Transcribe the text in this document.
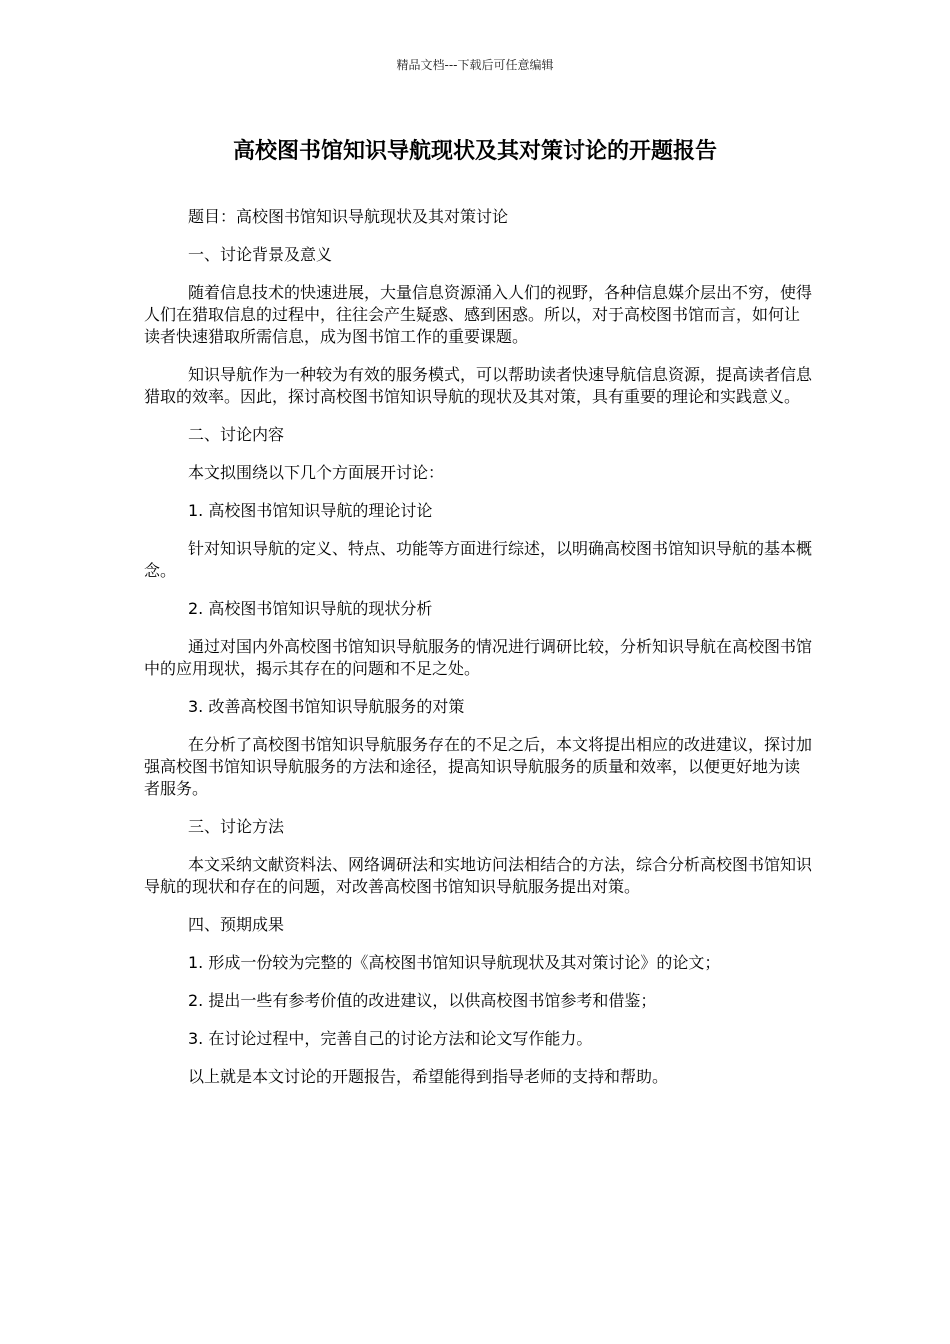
精品文档---下载后可任意编辑
高校图书馆知识导航现状及其对策讨论的开题报告

题目：高校图书馆知识导航现状及其对策讨论

一、讨论背景及意义

随着信息技术的快速进展，大量信息资源涌入人们的视野，各种信息媒介层出不穷，使得人们在猎取信息的过程中，往往会产生疑惑、感到困惑。所以，对于高校图书馆而言，如何让读者快速猎取所需信息，成为图书馆工作的重要课题。

知识导航作为一种较为有效的服务模式，可以帮助读者快速导航信息资源，提高读者信息猎取的效率。因此，探讨高校图书馆知识导航的现状及其对策，具有重要的理论和实践意义。

二、讨论内容

本文拟围绕以下几个方面展开讨论：

1. 高校图书馆知识导航的理论讨论

针对知识导航的定义、特点、功能等方面进行综述，以明确高校图书馆知识导航的基本概念。

2. 高校图书馆知识导航的现状分析

通过对国内外高校图书馆知识导航服务的情况进行调研比较，分析知识导航在高校图书馆中的应用现状，揭示其存在的问题和不足之处。

3. 改善高校图书馆知识导航服务的对策

在分析了高校图书馆知识导航服务存在的不足之后，本文将提出相应的改进建议，探讨加强高校图书馆知识导航服务的方法和途径，提高知识导航服务的质量和效率，以便更好地为读者服务。

三、讨论方法

本文采纳文献资料法、网络调研法和实地访问法相结合的方法，综合分析高校图书馆知识导航的现状和存在的问题，对改善高校图书馆知识导航服务提出对策。

四、预期成果

1. 形成一份较为完整的《高校图书馆知识导航现状及其对策讨论》的论文；

2. 提出一些有参考价值的改进建议，以供高校图书馆参考和借鉴；

3. 在讨论过程中，完善自己的讨论方法和论文写作能力。

以上就是本文讨论的开题报告，希望能得到指导老师的支持和帮助。
